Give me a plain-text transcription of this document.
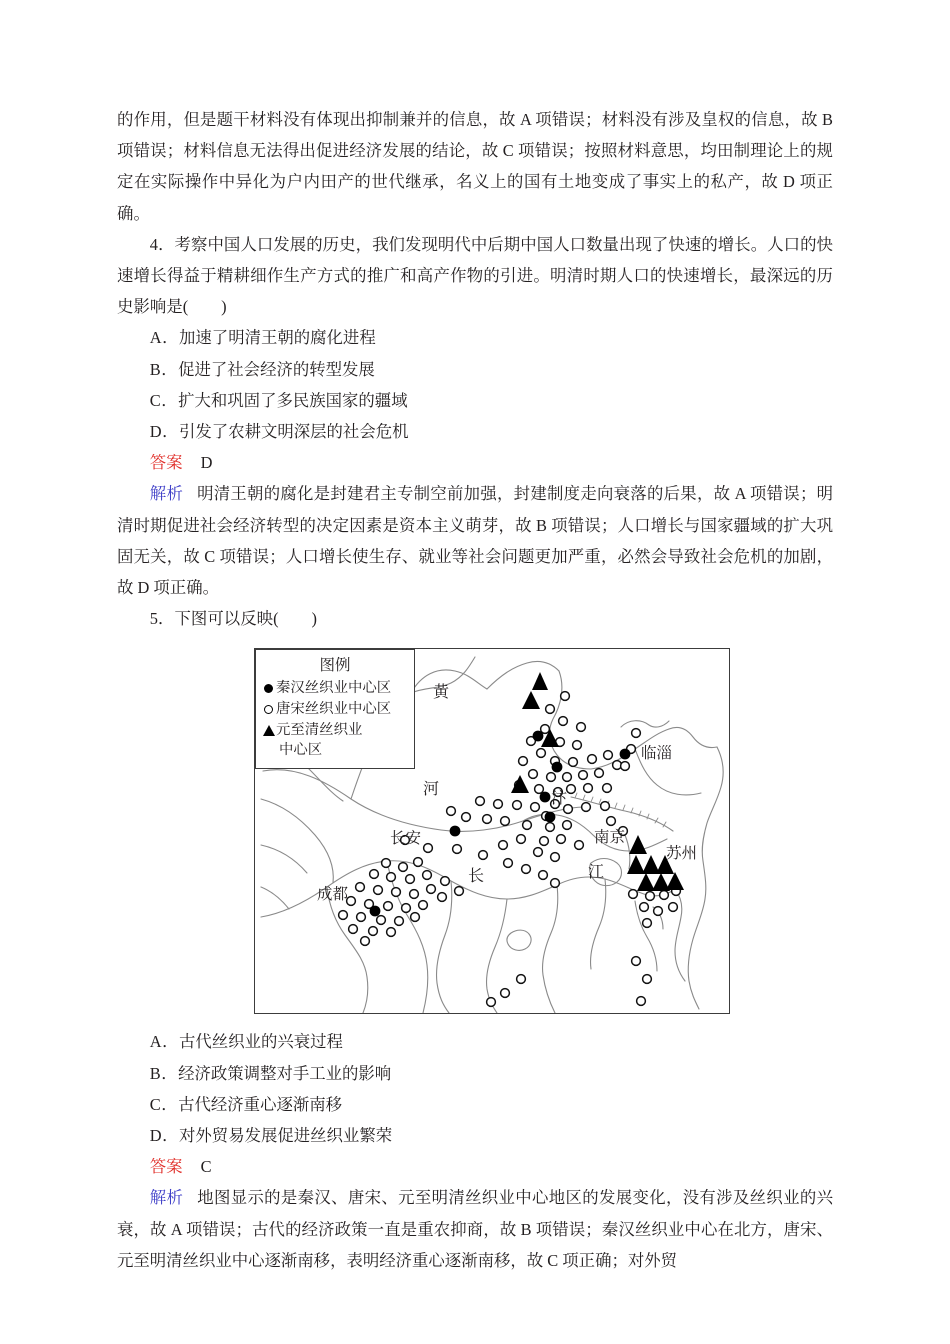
的作用，但是题干材料没有体现出抑制兼并的信息，故 A 项错误；材料没有涉及皇权的信息，故 B 项错误；材料信息无法得出促进经济发展的结论，故 C 项错误；按照材料意思，均田制理论上的规定在实际操作中异化为户内田产的世代继承，名义上的国有土地变成了事实上的私产，故 D 项正确。

4．考察中国人口发展的历史，我们发现明代中后期中国人口数量出现了快速的增长。人口的快速增长得益于精耕细作生产方式的推广和高产作物的引进。明清时期人口的快速增长，最深远的历史影响是(　　)

A．加速了明清王朝的腐化进程

B．促进了社会经济的转型发展

C．扩大和巩固了多民族国家的疆域

D．引发了农耕文明深层的社会危机

答案 D

解析 明清王朝的腐化是封建君主专制空前加强，封建制度走向衰落的后果，故 A 项错误；明清时期促进社会经济转型的决定因素是资本主义萌芽，故 B 项错误；人口增长与国家疆域的扩大巩固无关，故 C 项错误；人口增长使生存、就业等社会问题更加严重，必然会导致社会危机的加剧，故 D 项正确。

5．下图可以反映(　　)

黄
河
临淄
长安
长	江
成都
南京
苏州
汴
图例
秦汉丝织业中心区
唐宋丝织业中心区
元至清丝织业
中心区

A．古代丝织业的兴衰过程

B．经济政策调整对手工业的影响

C．古代经济重心逐渐南移

D．对外贸易发展促进丝织业繁荣

答案 C

解析 地图显示的是秦汉、唐宋、元至明清丝织业中心地区的发展变化，没有涉及丝织业的兴衰，故 A 项错误；古代的经济政策一直是重农抑商，故 B 项错误；秦汉丝织业中心在北方，唐宋、元至明清丝织业中心逐渐南移，表明经济重心逐渐南移，故 C 项正确；对外贸
